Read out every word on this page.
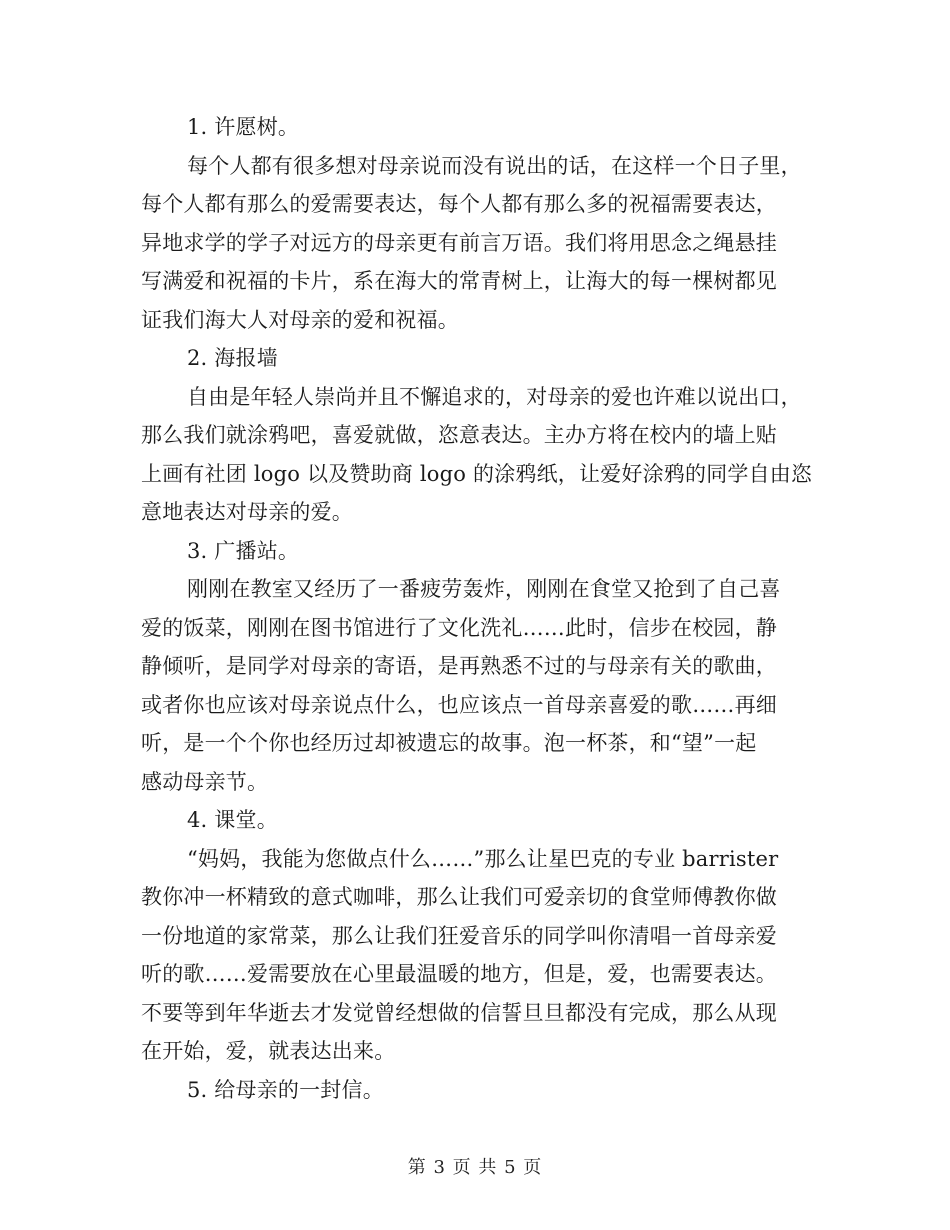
1. 许愿树。
每个人都有很多想对母亲说而没有说出的话，在这样一个日子里，
每个人都有那么的爱需要表达，每个人都有那么多的祝福需要表达，
异地求学的学子对远方的母亲更有前言万语。我们将用思念之绳悬挂
写满爱和祝福的卡片，系在海大的常青树上，让海大的每一棵树都见
证我们海大人对母亲的爱和祝福。
2. 海报墙
自由是年轻人崇尚并且不懈追求的，对母亲的爱也许难以说出口，
那么我们就涂鸦吧，喜爱就做，恣意表达。主办方将在校内的墙上贴
上画有社团 logo 以及赞助商 logo 的涂鸦纸，让爱好涂鸦的同学自由恣
意地表达对母亲的爱。
3. 广播站。
刚刚在教室又经历了一番疲劳轰炸，刚刚在食堂又抢到了自己喜
爱的饭菜，刚刚在图书馆进行了文化洗礼……此时，信步在校园，静
静倾听，是同学对母亲的寄语，是再熟悉不过的与母亲有关的歌曲，
或者你也应该对母亲说点什么，也应该点一首母亲喜爱的歌……再细
听，是一个个你也经历过却被遗忘的故事。泡一杯茶，和“望”一起
感动母亲节。
4. 课堂。
“妈妈，我能为您做点什么……”那么让星巴克的专业 barrister
教你冲一杯精致的意式咖啡，那么让我们可爱亲切的食堂师傅教你做
一份地道的家常菜，那么让我们狂爱音乐的同学叫你清唱一首母亲爱
听的歌……爱需要放在心里最温暖的地方，但是，爱，也需要表达。
不要等到年华逝去才发觉曾经想做的信誓旦旦都没有完成，那么从现
在开始，爱，就表达出来。
5. 给母亲的一封信。
第 3 页 共 5 页
